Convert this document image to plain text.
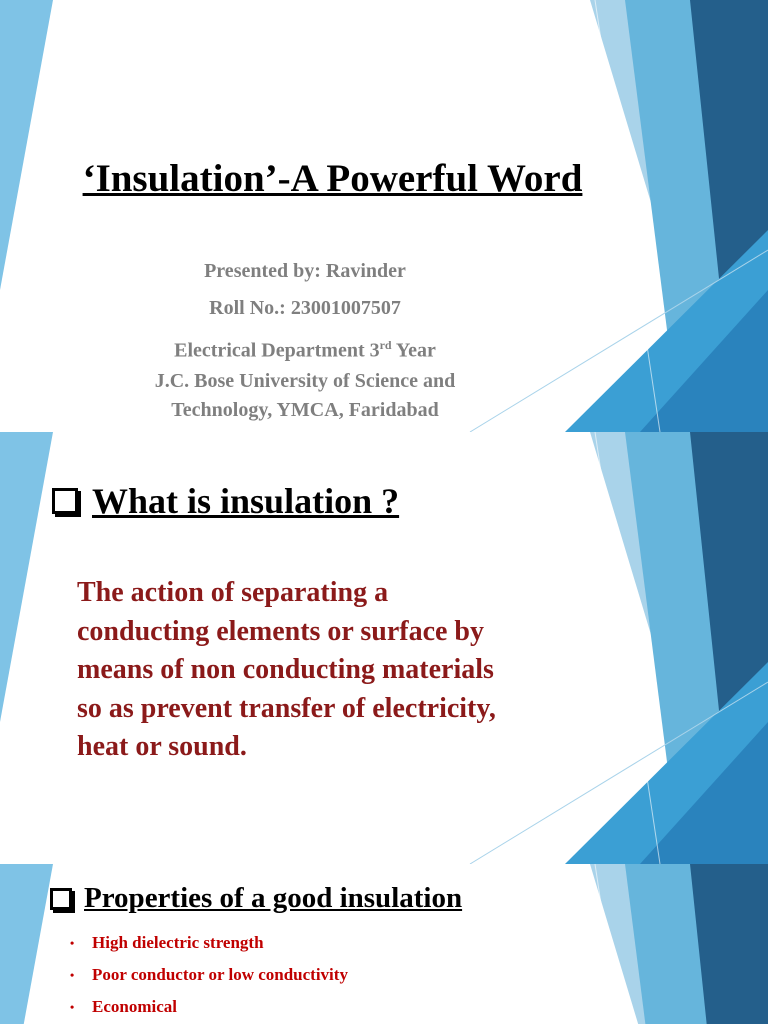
‘Insulation’-A Powerful Word
Presented by: Ravinder
Roll No.: 23001007507
Electrical Department 3rd Year
J.C. Bose University of Science and
Technology, YMCA, Faridabad
What is insulation ?
The action of separating a
conducting elements or surface by
means of non conducting materials
so as prevent transfer of electricity,
heat or sound.
Properties of a good insulation
•	High dielectric strength
•	Poor conductor or low conductivity
•	Economical
